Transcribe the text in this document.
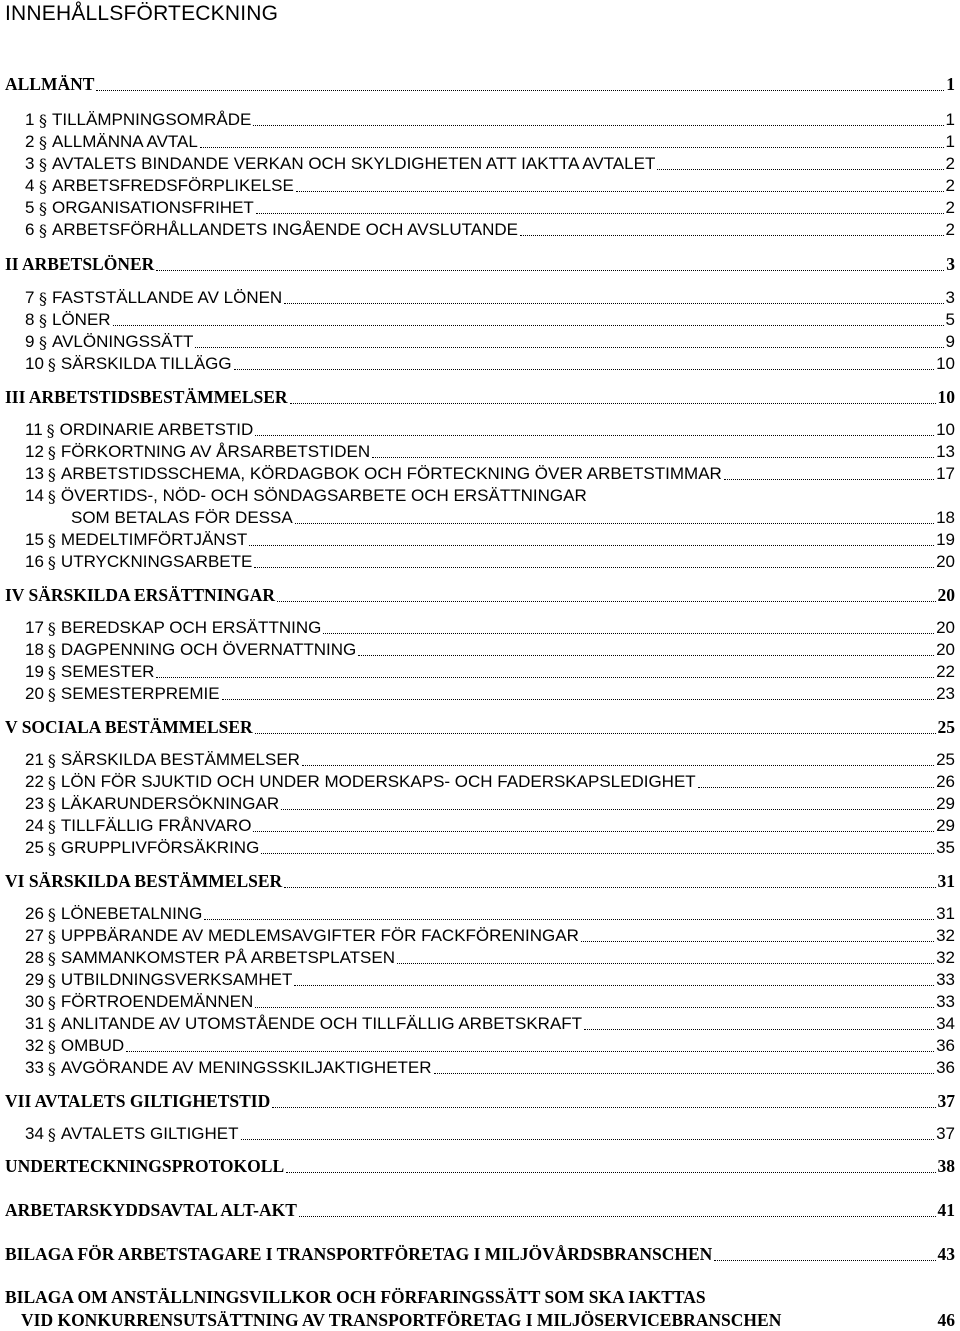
INNEHÅLLSFÖRTECKNING
ALLMÄNT	1
1 § TILLÄMPNINGSOMRÅDE	1
2 § ALLMÄNNA AVTAL	1
3 § AVTALETS BINDANDE VERKAN OCH SKYLDIGHETEN ATT IAKTTA AVTALET	2
4 § ARBETSFREDSFÖRPLIKELSE	2
5 § ORGANISATIONSFRIHET	2
6 § ARBETSFÖRHÅLLANDETS INGÅENDE OCH AVSLUTANDE	2
II ARBETSLÖNER	3
7 § FASTSTÄLLANDE AV LÖNEN	3
8 § LÖNER	5
9 § AVLÖNINGSSÄTT	9
10 § SÄRSKILDA TILLÄGG	10
III ARBETSTIDSBESTÄMMELSER	10
11 § ORDINARIE ARBETSTID	10
12 § FÖRKORTNING AV ÅRSARBETSTIDEN	13
13 § ARBETSTIDSSCHEMA, KÖRDAGBOK OCH FÖRTECKNING ÖVER ARBETSTIMMAR	17
14 § ÖVERTIDS-, NÖD- OCH SÖNDAGSARBETE OCH ERSÄTTNINGAR
SOM BETALAS FÖR DESSA	18
15 § MEDELTIMFÖRTJÄNST	19
16 § UTRYCKNINGSARBETE	20
IV SÄRSKILDA ERSÄTTNINGAR	20
17 § BEREDSKAP OCH ERSÄTTNING	20
18 § DAGPENNING OCH ÖVERNATTNING	20
19 § SEMESTER	22
20 § SEMESTERPREMIE	23
V SOCIALA BESTÄMMELSER	25
21 § SÄRSKILDA BESTÄMMELSER	25
22 § LÖN FÖR SJUKTID OCH UNDER MODERSKAPS- OCH FADERSKAPSLEDIGHET	26
23 § LÄKARUNDERSÖKNINGAR	29
24 § TILLFÄLLIG FRÅNVARO	29
25 § GRUPPLIVFÖRSÄKRING	35
VI SÄRSKILDA BESTÄMMELSER	31
26 § LÖNEBETALNING	31
27 § UPPBÄRANDE AV MEDLEMSAVGIFTER FÖR FACKFÖRENINGAR	32
28 § SAMMANKOMSTER PÅ ARBETSPLATSEN	32
29 § UTBILDNINGSVERKSAMHET	33
30 § FÖRTROENDEMÄNNEN	33
31 § ANLITANDE AV UTOMSTÅENDE OCH TILLFÄLLIG ARBETSKRAFT	34
32 § OMBUD	36
33 § AVGÖRANDE AV MENINGSSKILJAKTIGHETER	36
VII AVTALETS GILTIGHETSTID	37
34 § AVTALETS GILTIGHET	37
UNDERTECKNINGSPROTOKOLL	38
ARBETARSKYDDSAVTAL ALT-AKT	41
BILAGA FÖR ARBETSTAGARE I TRANSPORTFÖRETAG I MILJÖVÅRDSBRANSCHEN	43
BILAGA OM ANSTÄLLNINGSVILLKOR OCH FÖRFARINGSSÄTT SOM SKA IAKTTAS
VID KONKURRENSUTSÄTTNING AV TRANSPORTFÖRETAG I MILJÖSERVICEBRANSCHEN	46
